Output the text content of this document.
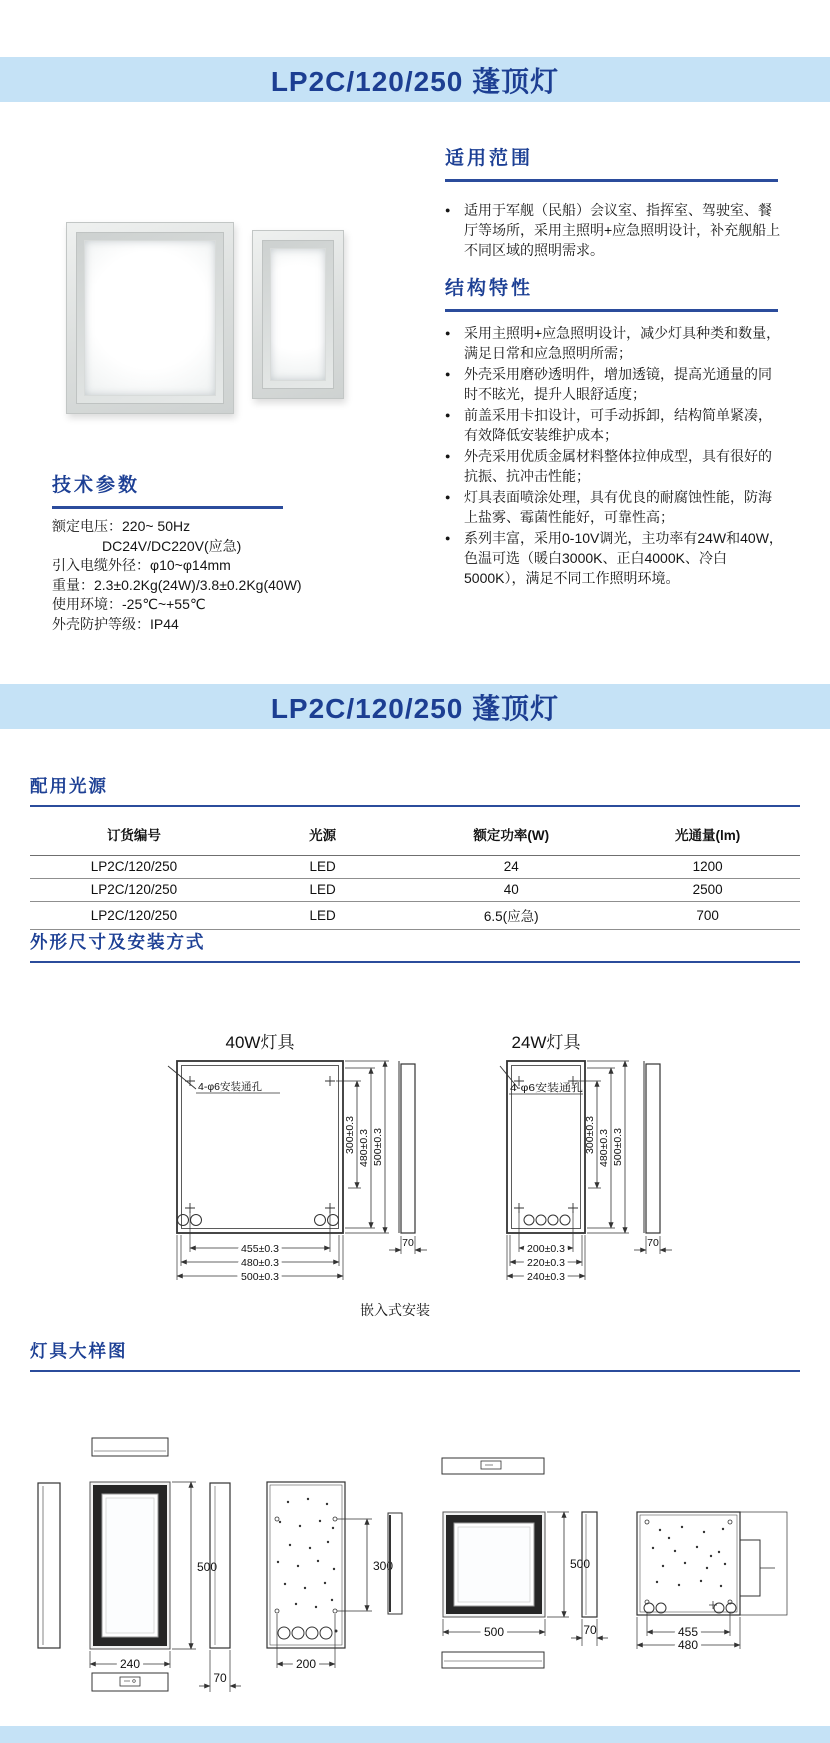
LP2C/120/250 蓬顶灯
适用范围
● 适用于军舰（民船）会议室、指挥室、驾驶室、餐厅等场所，采用主照明+应急照明设计，补充舰船上不同区域的照明需求。
结构特性
● 采用主照明+应急照明设计，减少灯具种类和数量，满足日常和应急照明所需；
● 外壳采用磨砂透明件，增加透镜，提高光通量的同时不眩光，提升人眼舒适度；
● 前盖采用卡扣设计，可手动拆卸，结构简单紧凑，有效降低安装维护成本；
● 外壳采用优质金属材料整体拉伸成型，具有很好的抗振、抗冲击性能；
● 灯具表面喷涂处理，具有优良的耐腐蚀性能，防海上盐雾、霉菌性能好，可靠性高；
● 系列丰富，采用0-10V调光，主功率有24W和40W，色温可选（暖白3000K、正白4000K、冷白5000K），满足不同工作照明环境。
技术参数
额定电压：220~ 50Hz
DC24V/DC220V(应急)
引入电缆外径：φ10~φ14mm
重量：2.3±0.2Kg(24W)/3.8±0.2Kg(40W)
使用环境：-25℃~+55℃
外壳防护等级：IP44
LP2C/120/250 蓬顶灯
配用光源
订货编号	光源	额定功率(W)	光通量(lm)
LP2C/120/250	LED	24	1200
LP2C/120/250	LED	40	2500
LP2C/120/250	LED	6.5(应急)	700
外形尺寸及安装方式
40W灯具
4-φ6安装通孔
300±0.3 480±0.3 500±0.3
70
455±0.3
480±0.3
500±0.3
24W灯具
4-φ6安装通孔
300±0.3 480±0.3 500±0.3
70
200±0.3
220±0.3
240±0.3
嵌入式安装
灯具大样图
500
240
70
300
200
500
500	70	455
480
